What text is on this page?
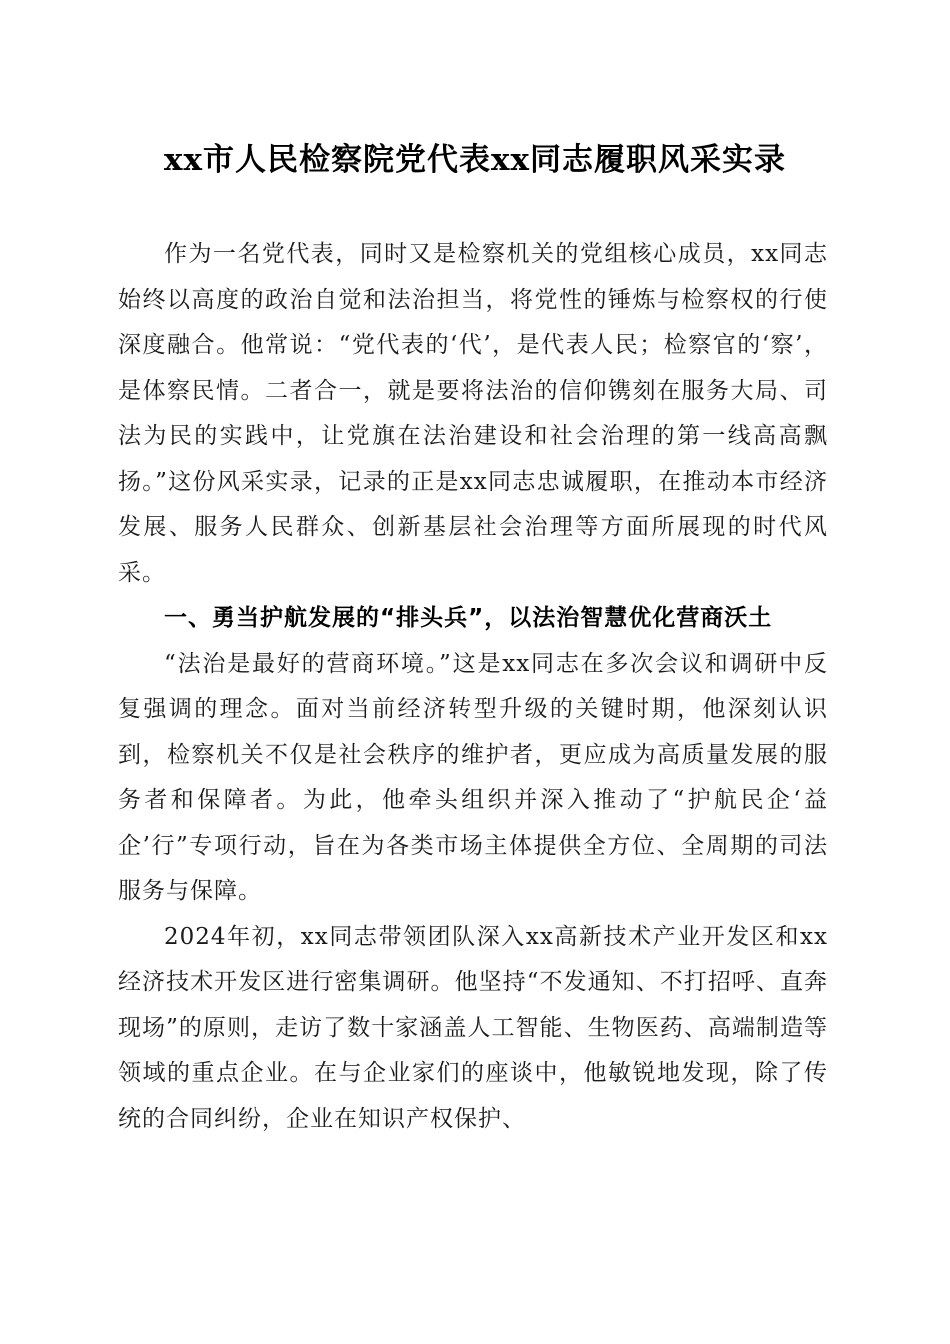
xx市人民检察院党代表xx同志履职风采实录

作为一名党代表，同时又是检察机关的党组核心成员，xx同志始终以高度的政治自觉和法治担当，将党性的锤炼与检察权的行使深度融合。他常说：“党代表的‘代’，是代表人民；检察官的‘察’，是体察民情。二者合一，就是要将法治的信仰镌刻在服务大局、司法为民的实践中，让党旗在法治建设和社会治理的第一线高高飘扬。”这份风采实录，记录的正是xx同志忠诚履职，在推动本市经济发展、服务人民群众、创新基层社会治理等方面所展现的时代风采。

一、勇当护航发展的“排头兵”，以法治智慧优化营商沃土

“法治是最好的营商环境。”这是xx同志在多次会议和调研中反复强调的理念。面对当前经济转型升级的关键时期，他深刻认识到，检察机关不仅是社会秩序的维护者，更应成为高质量发展的服务者和保障者。为此，他牵头组织并深入推动了“护航民企‘益企’行”专项行动，旨在为各类市场主体提供全方位、全周期的司法服务与保障。

2024年初，xx同志带领团队深入xx高新技术产业开发区和xx经济技术开发区进行密集调研。他坚持“不发通知、不打招呼、直奔现场”的原则，走访了数十家涵盖人工智能、生物医药、高端制造等领域的重点企业。在与企业家们的座谈中，他敏锐地发现，除了传统的合同纠纷，企业在知识产权保护、
